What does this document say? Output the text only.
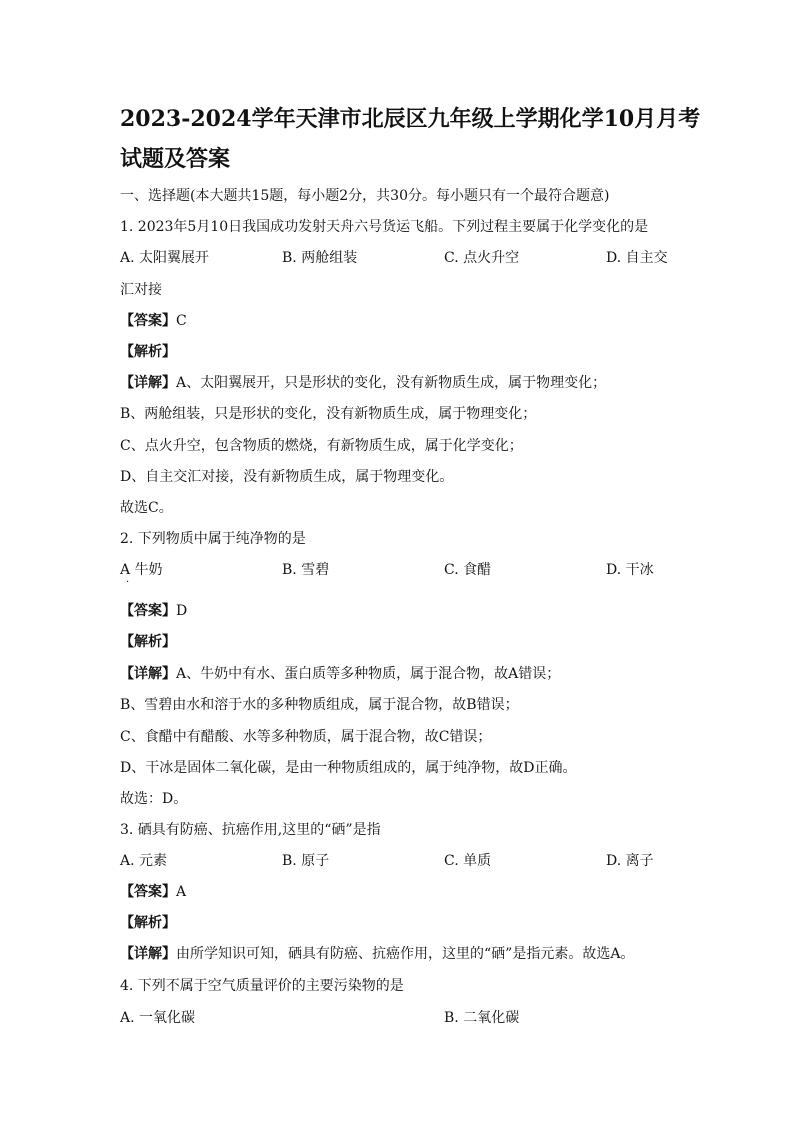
2023-2024学年天津市北辰区九年级上学期化学10月月考
试题及答案
一、选择题(本大题共15题，每小题2分，共30分。每小题只有一个最符合题意)
1. 2023年5月10日我国成功发射天舟六号货运飞船。下列过程主要属于化学变化的是
A. 太阳翼展开	B. 两舱组装	C. 点火升空	D. 自主交
汇对接
【答案】C
【解析】
【详解】A、太阳翼展开，只是形状的变化，没有新物质生成，属于物理变化；
B、两舱组装，只是形状的变化，没有新物质生成，属于物理变化；
C、点火升空，包含物质的燃烧，有新物质生成，属于化学变化；
D、自主交汇对接，没有新物质生成，属于物理变化。
故选C。
2. 下列物质中属于纯净物的是
A 牛奶	B. 雪碧	C. 食醋	D. 干冰
·
【答案】D
【解析】
【详解】A、牛奶中有水、蛋白质等多种物质，属于混合物，故A错误；
B、雪碧由水和溶于水的多种物质组成，属于混合物，故B错误；
C、食醋中有醋酸、水等多种物质，属于混合物，故C错误；
D、干冰是固体二氧化碳，是由一种物质组成的，属于纯净物，故D正确。
故选：D。
3. 硒具有防癌、抗癌作用,这里的“硒”是指
A. 元素	B. 原子	C. 单质	D. 离子
【答案】A
【解析】
【详解】由所学知识可知，硒具有防癌、抗癌作用，这里的“硒”是指元素。故选A。
4. 下列不属于空气质量评价的主要污染物的是
A. 一氧化碳	B. 二氧化碳
